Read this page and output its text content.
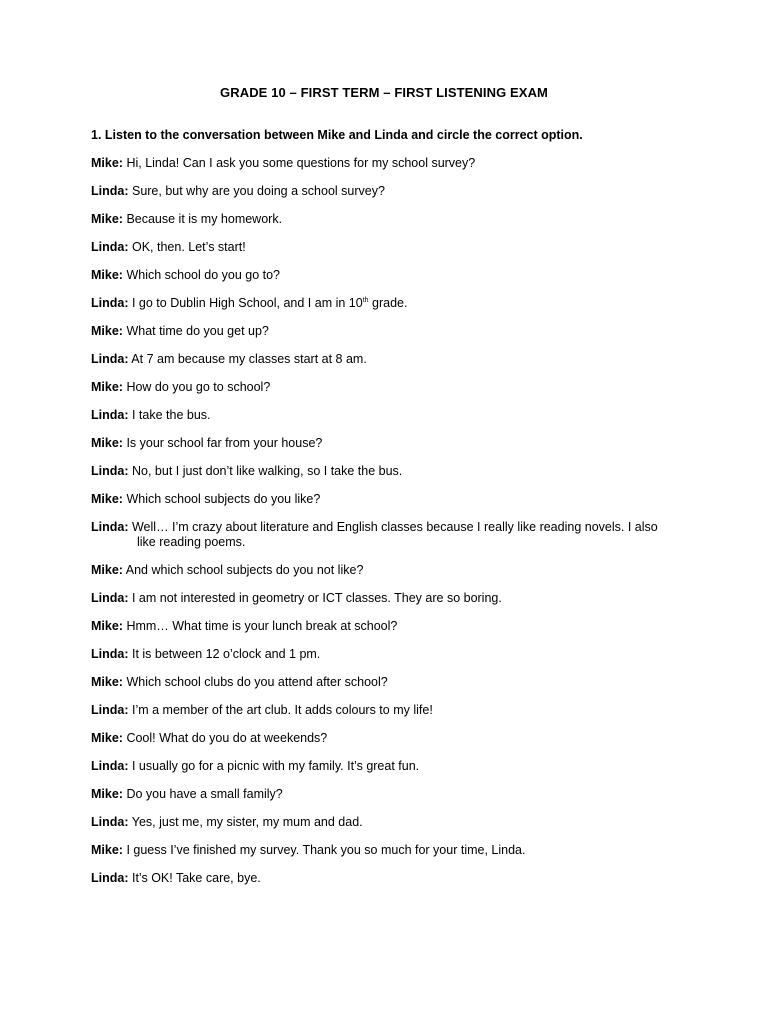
GRADE 10 – FIRST TERM – FIRST LISTENING EXAM
1. Listen to the conversation between Mike and Linda and circle the correct option.
Mike: Hi, Linda! Can I ask you some questions for my school survey?
Linda: Sure, but why are you doing a school survey?
Mike: Because it is my homework.
Linda: OK, then. Let’s start!
Mike: Which school do you go to?
Linda: I go to Dublin High School, and I am in 10th grade.
Mike: What time do you get up?
Linda: At 7 am because my classes start at 8 am.
Mike: How do you go to school?
Linda: I take the bus.
Mike: Is your school far from your house?
Linda: No, but I just don’t like walking, so I take the bus.
Mike: Which school subjects do you like?
Linda: Well… I’m crazy about literature and English classes because I really like reading novels. I also
like reading poems.
Mike: And which school subjects do you not like?
Linda: I am not interested in geometry or ICT classes. They are so boring.
Mike: Hmm… What time is your lunch break at school?
Linda: It is between 12 o’clock and 1 pm.
Mike: Which school clubs do you attend after school?
Linda: I’m a member of the art club. It adds colours to my life!
Mike: Cool! What do you do at weekends?
Linda: I usually go for a picnic with my family. It’s great fun.
Mike: Do you have a small family?
Linda: Yes, just me, my sister, my mum and dad.
Mike: I guess I’ve finished my survey. Thank you so much for your time, Linda.
Linda: It’s OK! Take care, bye.
